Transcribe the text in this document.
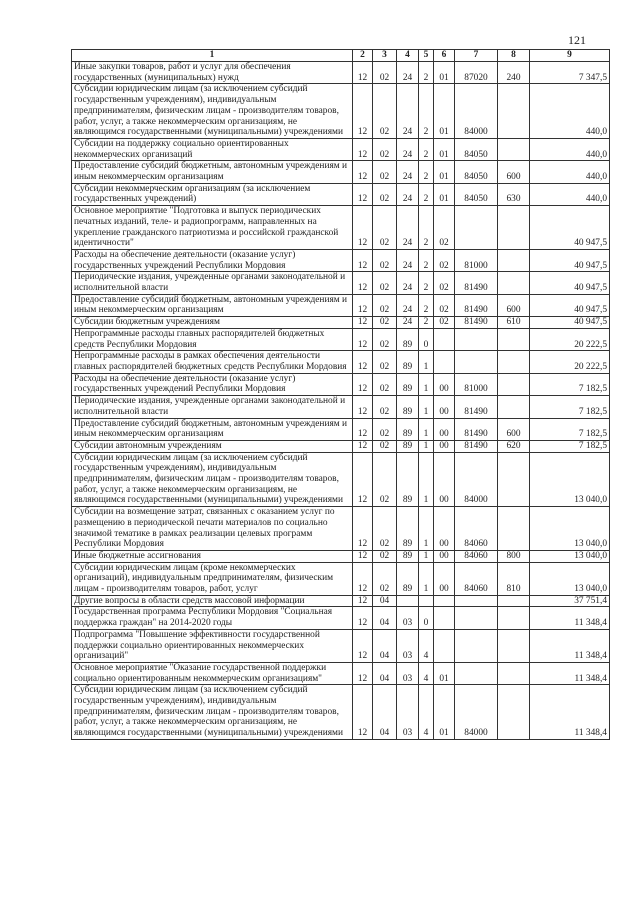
121
1	2	3	4	5	6	7	8	9
Иные закупки товаров, работ и услуг для обеспечения государственных (муниципальных) нужд	12	02	24	2	01	87020	240	7 347,5
Субсидии юридическим лицам (за исключением субсидий государственным учреждениям), индивидуальным предпринимателям, физическим лицам - производителям товаров, работ, услуг, а также некоммерческим организациям, не являющимся государственными (муниципальными) учреждениями	12	02	24	2	01	84000		440,0
Субсидии на поддержку социально ориентированных некоммерческих организаций	12	02	24	2	01	84050		440,0
Предоставление субсидий бюджетным, автономным учреждениям и иным некоммерческим организациям	12	02	24	2	01	84050	600	440,0
Субсидии некоммерческим организациям (за исключением государственных учреждений)	12	02	24	2	01	84050	630	440,0
Основное мероприятие "Подготовка и выпуск периодических печатных изданий, теле- и радиопрограмм, направленных на укрепление гражданского патриотизма и российской гражданской идентичности"	12	02	24	2	02			40 947,5
Расходы на обеспечение деятельности (оказание услуг) государственных учреждений Республики Мордовия	12	02	24	2	02	81000		40 947,5
Периодические издания, учрежденные органами законодательной и исполнительной власти	12	02	24	2	02	81490		40 947,5
Предоставление субсидий бюджетным, автономным учреждениям и иным некоммерческим организациям	12	02	24	2	02	81490	600	40 947,5
Субсидии бюджетным учреждениям	12	02	24	2	02	81490	610	40 947,5
Непрограммные расходы главных распорядителей бюджетных средств Республики Мордовия	12	02	89	0				20 222,5
Непрограммные расходы в рамках обеспечения деятельности главных распорядителей бюджетных средств Республики Мордовия	12	02	89	1				20 222,5
Расходы на обеспечение деятельности (оказание услуг) государственных учреждений Республики Мордовия	12	02	89	1	00	81000		7 182,5
Периодические издания, учрежденные органами законодательной и исполнительной власти	12	02	89	1	00	81490		7 182,5
Предоставление субсидий бюджетным, автономным учреждениям и иным некоммерческим организациям	12	02	89	1	00	81490	600	7 182,5
Субсидии автономным учреждениям	12	02	89	1	00	81490	620	7 182,5
Субсидии юридическим лицам (за исключением субсидий государственным учреждениям), индивидуальным предпринимателям, физическим лицам - производителям товаров, работ, услуг, а также некоммерческим организациям, не являющимся государственными (муниципальными) учреждениями	12	02	89	1	00	84000		13 040,0
Субсидии на возмещение затрат, связанных с оказанием услуг по размещению в периодической печати материалов по социально значимой тематике в рамках реализации целевых программ Республики Мордовия	12	02	89	1	00	84060		13 040,0
Иные бюджетные ассигнования	12	02	89	1	00	84060	800	13 040,0
Субсидии юридическим лицам (кроме некоммерческих организаций), индивидуальным предпринимателям, физическим лицам - производителям товаров, работ, услуг	12	02	89	1	00	84060	810	13 040,0
Другие вопросы в области средств массовой информации	12	04						37 751,4
Государственная программа Республики Мордовия "Социальная поддержка граждан" на 2014-2020 годы	12	04	03	0				11 348,4
Подпрограмма "Повышение эффективности государственной поддержки социально ориентированных некоммерческих организаций"	12	04	03	4				11 348,4
Основное мероприятие "Оказание государственной поддержки социально ориентированным некоммерческим организациям"	12	04	03	4	01			11 348,4
Субсидии юридическим лицам (за исключением субсидий государственным учреждениям), индивидуальным предпринимателям, физическим лицам - производителям товаров, работ, услуг, а также некоммерческим организациям, не являющимся государственными (муниципальными) учреждениями	12	04	03	4	01	84000		11 348,4
